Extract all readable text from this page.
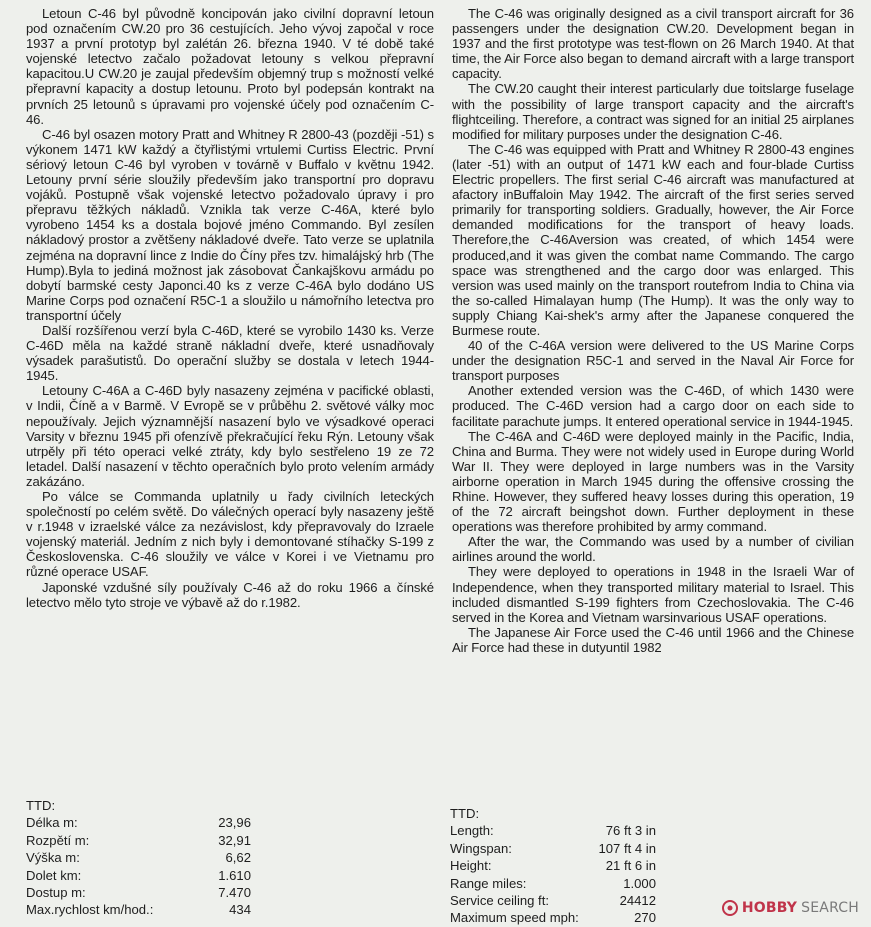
Letoun C-46 byl původně koncipován jako civilní dopravní letoun pod označením CW.20 pro 36 cestujících. Jeho vývoj započal v roce 1937 a první prototyp byl zalétán 26. března 1940. V té době také vojenské letectvo začalo požadovat letouny s velkou přepravní kapacitou.U CW.20 je zaujal především objemný trup s možností velké přepravní kapacity a dostup letounu. Proto byl podepsán kontrakt na prvních 25 letounů s úpravami pro vojenské účely pod označením C-46.

C-46 byl osazen motory Pratt and Whitney R 2800-43 (později -51) s výkonem 1471 kW každý a čtyřlistými vrtulemi Curtiss Electric. První sériový letoun C-46 byl vyroben v továrně v Buffalo v květnu 1942. Letouny první série sloužily především jako transportní pro dopravu vojáků. Postupně však vojenské letectvo požadovalo úpravy i pro přepravu těžkých nákladů. Vznikla tak verze C-46A, které bylo vyrobeno 1454 ks a dostala bojové jméno Commando. Byl zesílen nákladový prostor a zvětšeny nákladové dveře. Tato verze se uplatnila zejména na dopravní lince z Indie do Číny přes tzv. himalájský hrb (The Hump).Byla to jediná možnost jak zásobovat Čankajškovu armádu po dobytí barmské cesty Japonci.40 ks z verze C-46A bylo dodáno US Marine Corps pod označení R5C-1 a sloužilo u námořního letectva pro transportní účely

Další rozšířenou verzí byla C-46D, které se vyrobilo 1430 ks. Verze C-46D měla na každé straně nákladní dveře, které usnadňovaly výsadek parašutistů. Do operační služby se dostala v letech 1944-1945.

Letouny C-46A a C-46D byly nasazeny zejména v pacifické oblasti, v Indii, Číně a v Barmě. V Evropě se v průběhu 2. světové války moc nepoužívaly. Jejich významnější nasazení bylo ve výsadkové operaci Varsity v březnu 1945 při ofenzívě překračující řeku Rýn. Letouny však utrpěly při této operaci velké ztráty, kdy bylo sestřeleno 19 ze 72 letadel. Další nasazení v těchto operačních bylo proto velením armády zakázáno.

Po válce se Commanda uplatnily u řady civilních leteckých společností po celém světě. Do válečných operací byly nasazeny ještě v r.1948 v izraelské válce za nezávislost, kdy přepravovaly do Izraele vojenský materiál. Jedním z nich byly i demontované stíhačky S-199 z Československa. C-46 sloužily ve válce v Korei i ve Vietnamu pro různé operace USAF.

Japonské vzdušné síly používaly C-46 až do roku 1966 a čínské letectvo mělo tyto stroje ve výbavě až do r.1982.

The C-46 was originally designed as a civil transport aircraft for 36 passengers under the designation CW.20. Development began in 1937 and the first prototype was test-flown on 26 March 1940. At that time, the Air Force also began to demand aircraft with a large transport capacity.

The CW.20 caught their interest particularly due toitslarge fuselage with the possibility of large transport capacity and the aircraft's flightceiling. Therefore, a contract was signed for an initial 25 airplanes modified for military purposes under the designation C-46.

The C-46 was equipped with Pratt and Whitney R 2800-43 engines (later -51) with an output of 1471 kW each and four-blade Curtiss Electric propellers. The first serial C-46 aircraft was manufactured at afactory inBuffaloin May 1942. The aircraft of the first series served primarily for transporting soldiers. Gradually, however, the Air Force demanded modifications for the transport of heavy loads. Therefore,the C-46Aversion was created, of which 1454 were produced,and it was given the combat name Commando. The cargo space was strengthened and the cargo door was enlarged. This version was used mainly on the transport routefrom India to China via the so-called Himalayan hump (The Hump). It was the only way to supply Chiang Kai-shek's army after the Japanese conquered the Burmese route.

40 of the C-46A version were delivered to the US Marine Corps under the designation R5C-1 and served in the Naval Air Force for transport purposes

Another extended version was the C-46D, of which 1430 were produced. The C-46D version had a cargo door on each side to facilitate parachute jumps. It entered operational service in 1944-1945.

The C-46A and C-46D were deployed mainly in the Pacific, India, China and Burma. They were not widely used in Europe during World War II. They were deployed in large numbers was in the Varsity airborne operation in March 1945 during the offensive crossing the Rhine. However, they suffered heavy losses during this operation, 19 of the 72 aircraft beingshot down. Further deployment in these operations was therefore prohibited by army command.

After the war, the Commando was used by a number of civilian airlines around the world.

They were deployed to operations in 1948 in the Israeli War of Independence, when they transported military material to Israel. This included dismantled S-199 fighters from Czechoslovakia. The C-46 served in the Korea and Vietnam warsinvarious USAF operations.

The Japanese Air Force used the C-46 until 1966 and the Chinese Air Force had these in dutyuntil 1982

TTD:
Délka m:	23,96
Rozpětí m:	32,91
Výška m:	6,62
Dolet km:	1.610
Dostup m:	7.470
Max.rychlost km/hod.:	434
TTD:
Length:	76 ft 3 in
Wingspan:	107 ft 4 in
Height:	21 ft 6 in
Range miles:	1.000
Service ceiling ft:	24412
Maximum speed mph:	270
HOBBY SEARCH
